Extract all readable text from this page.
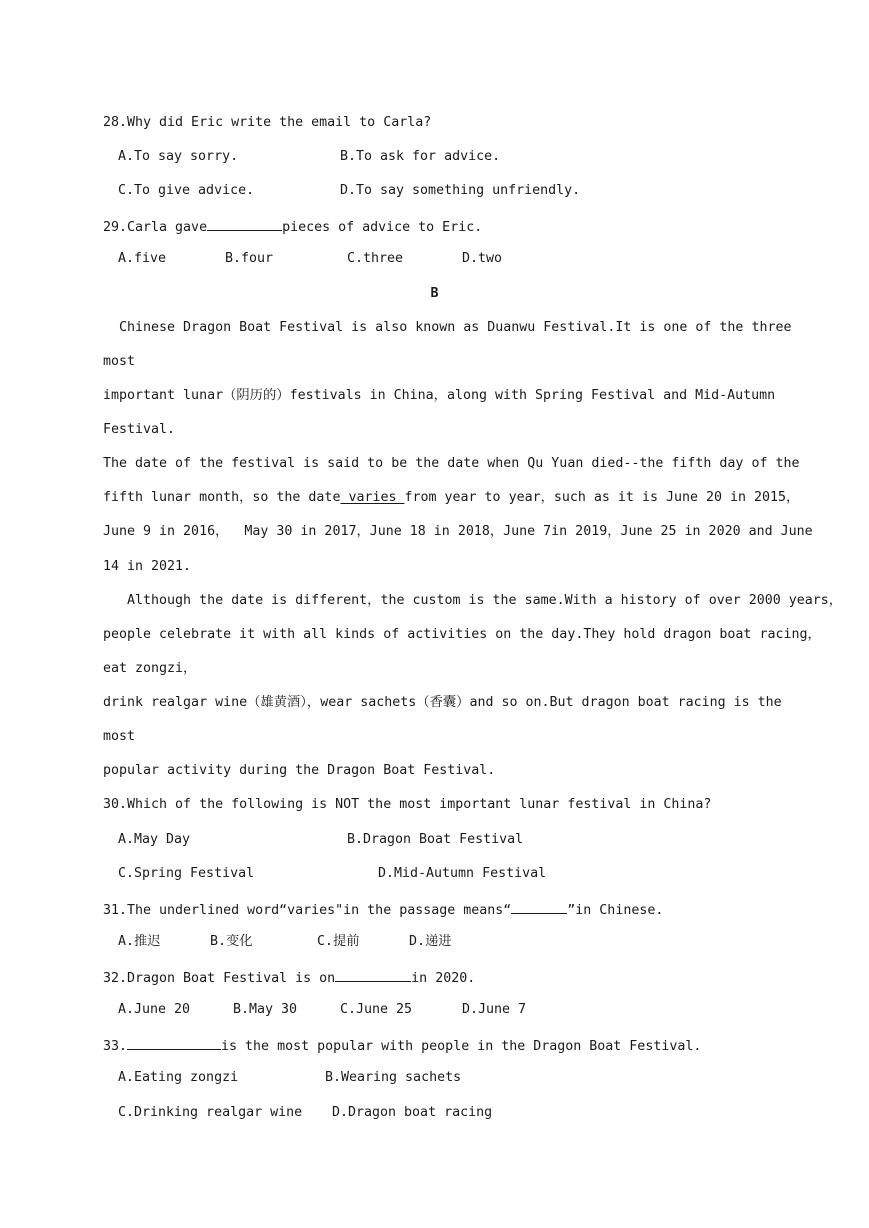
28.Why did Eric write the email to Carla?
A.To say sorry.	B.To ask for advice.
C.To give advice.	D.To say something unfriendly.
29.Carla gave	pieces of advice to Eric.
A.five	B.four	C.three	D.two
B
Chinese Dragon Boat Festival is also known as Duanwu Festival.It is one of the three
most
important lunar（阴历的）festivals in China，along with Spring Festival and Mid-Autumn
Festival.
The date of the festival is said to be the date when Qu Yuan died--the fifth day of the
fifth lunar month，so the date varies from year to year，such as it is June 20 in 2015，
June 9 in 2016，  May 30 in 2017，June 18 in 2018，June 7in 2019，June 25 in 2020 and June
14 in 2021.
Although the date is different，the custom is the same.With a history of over 2000 years，
people celebrate it with all kinds of activities on the day.They hold dragon boat racing，
eat zongzi，
drink realgar wine（雄黄酒），wear sachets（香囊）and so on.But dragon boat racing is the
most
popular activity during the Dragon Boat Festival.
30.Which of the following is NOT the most important lunar festival in China?
A.May Day	B.Dragon Boat Festival
C.Spring Festival	D.Mid-Autumn Festival
31.The underlined word“varies"in the passage means“	”in Chinese.
A.推迟	B.变化	C.提前	D.递进
32.Dragon Boat Festival is on	in 2020.
A.June 20	B.May 30	C.June 25	D.June 7
33.	is the most popular with people in the Dragon Boat Festival.
A.Eating zongzi	B.Wearing sachets
C.Drinking realgar wine D.Dragon boat racing
